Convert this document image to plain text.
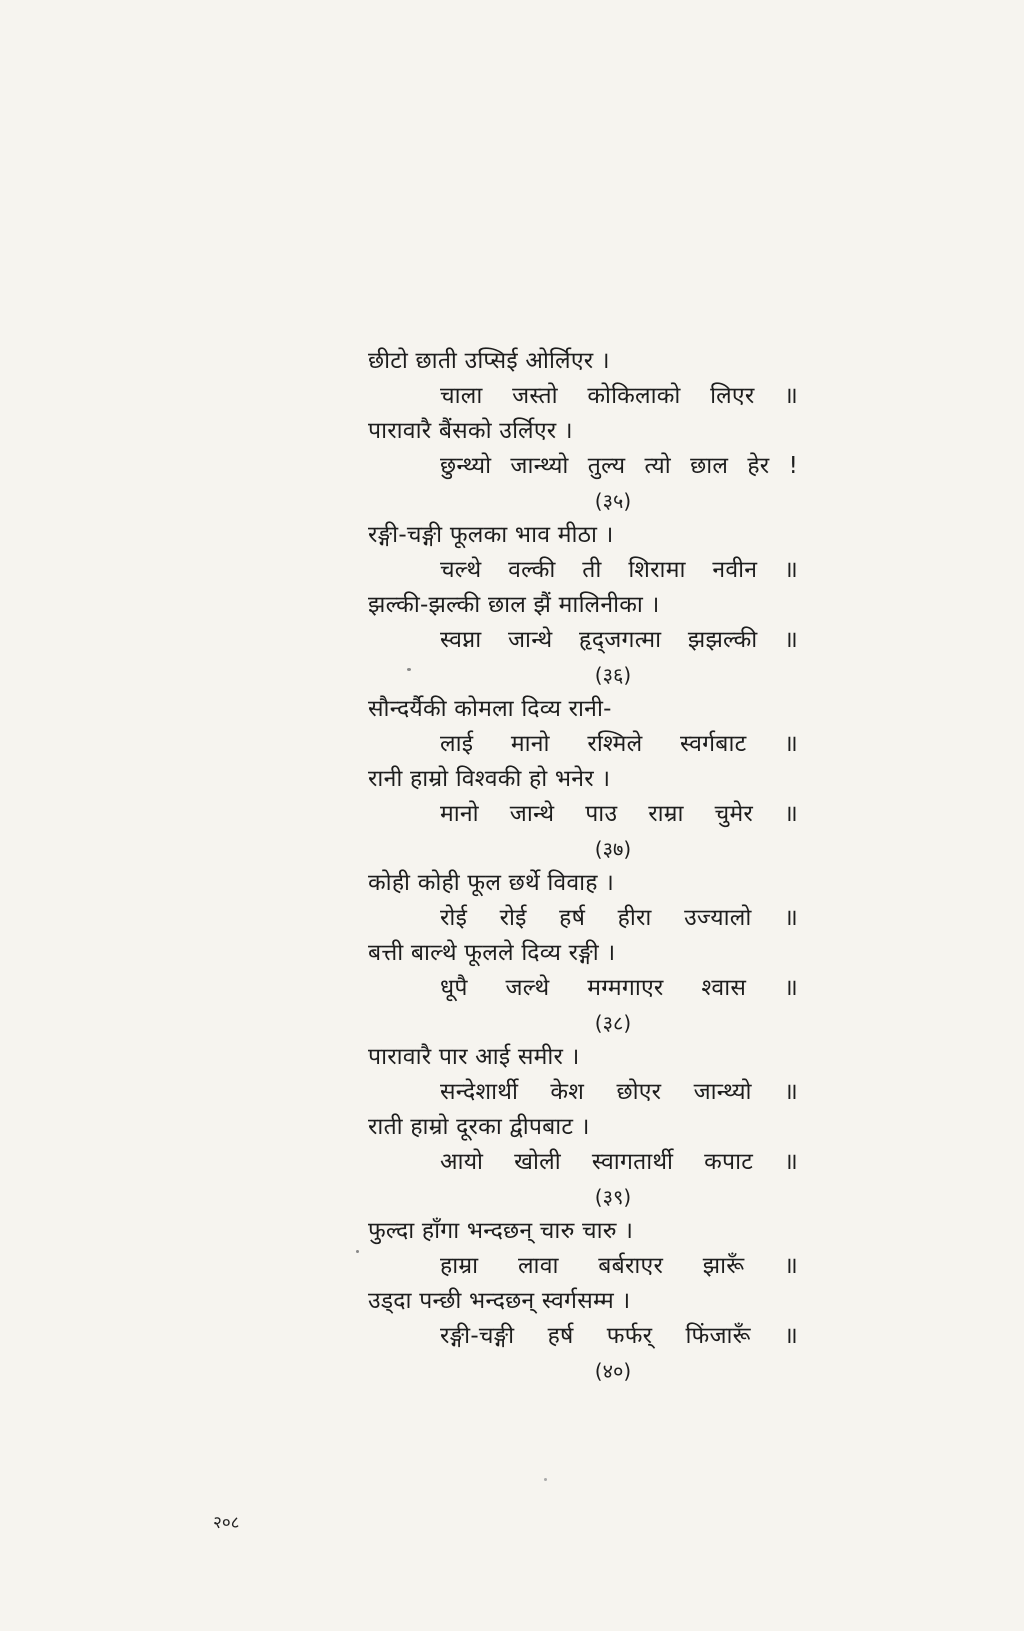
छीटो छाती उप्सिई ओर्लिएर ।
चाला जस्तो कोकिलाको लिएर ॥
पारावारै बैंसको उर्लिएर ।
छुन्थ्यो जान्थ्यो तुल्य त्यो छाल हेर !
(३५)
रङ्गी-चङ्गी फूलका भाव मीठा ।
चल्थे वल्की ती शिरामा नवीन ॥
झल्की-झल्की छाल झैं मालिनीका ।
स्वप्ना जान्थे हृद्जगत्मा झझल्की ॥
(३६)
सौन्दर्यैकी कोमला दिव्य रानी-
लाई मानो रश्मिले स्वर्गबाट ॥
रानी हाम्रो विश्वकी हो भनेर ।
मानो जान्थे पाउ राम्रा चुमेर ॥
(३७)
कोही कोही फूल छर्थे विवाह ।
रोई रोई हर्ष हीरा उज्यालो ॥
बत्ती बाल्थे फूलले दिव्य रङ्गी ।
धूपै जल्थे मग्मगाएर श्वास ॥
(३८)
पारावारै पार आई समीर ।
सन्देशार्थी केश छोएर जान्थ्यो ॥
राती हाम्रो दूरका द्वीपबाट ।
आयो खोली स्वागतार्थी कपाट ॥
(३९)
फुल्दा हाँगा भन्दछन् चारु चारु ।
हाम्रा लावा बर्बराएर झारूँ ॥
उड्दा पन्छी भन्दछन् स्वर्गसम्म ।
रङ्गी-चङ्गी हर्ष फर्फर् फिंजारूँ ॥
(४०)
२०८
